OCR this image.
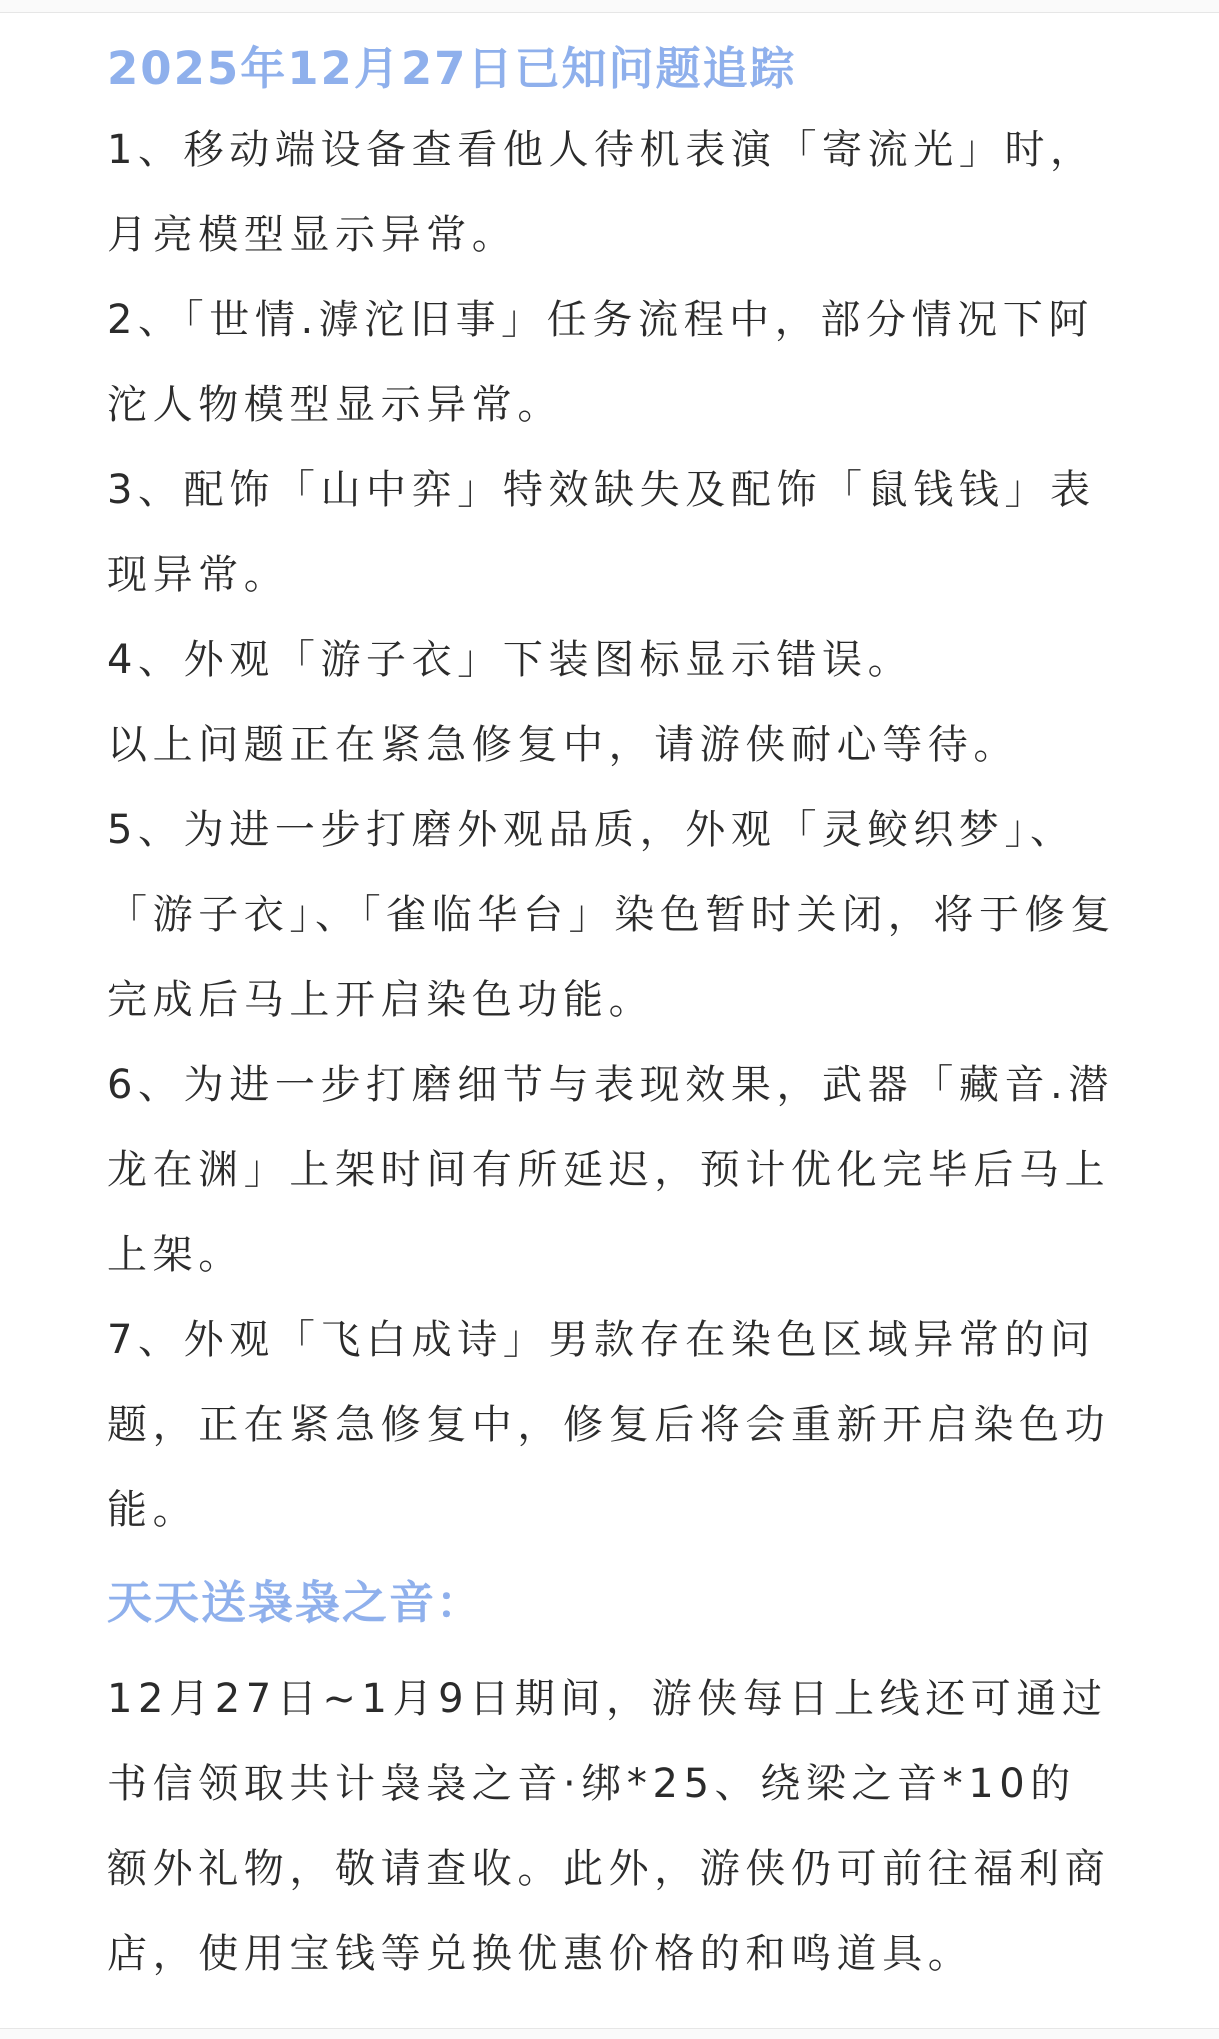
2025年12月27日已知问题追踪

1、移动端设备查看他人待机表演「寄流光」时，月亮模型显示异常。

2、「世情.滹沱旧事」任务流程中，部分情况下阿沱人物模型显示异常。

3、配饰「山中弈」特效缺失及配饰「鼠钱钱」表现异常。

4、外观「游子衣」下装图标显示错误。

以上问题正在紧急修复中，请游侠耐心等待。

5、为进一步打磨外观品质，外观「灵鲛织梦」、「游子衣」、「雀临华台」染色暂时关闭，将于修复完成后马上开启染色功能。

6、为进一步打磨细节与表现效果，武器「藏音.潜龙在渊」上架时间有所延迟，预计优化完毕后马上上架。

7、外观「飞白成诗」男款存在染色区域异常的问题，正在紧急修复中，修复后将会重新开启染色功能。

天天送袅袅之音：

12月27日~1月9日期间，游侠每日上线还可通过书信领取共计袅袅之音·绑*25、绕梁之音*10的额外礼物，敬请查收。此外，游侠仍可前往福利商店，使用宝钱等兑换优惠价格的和鸣道具。
